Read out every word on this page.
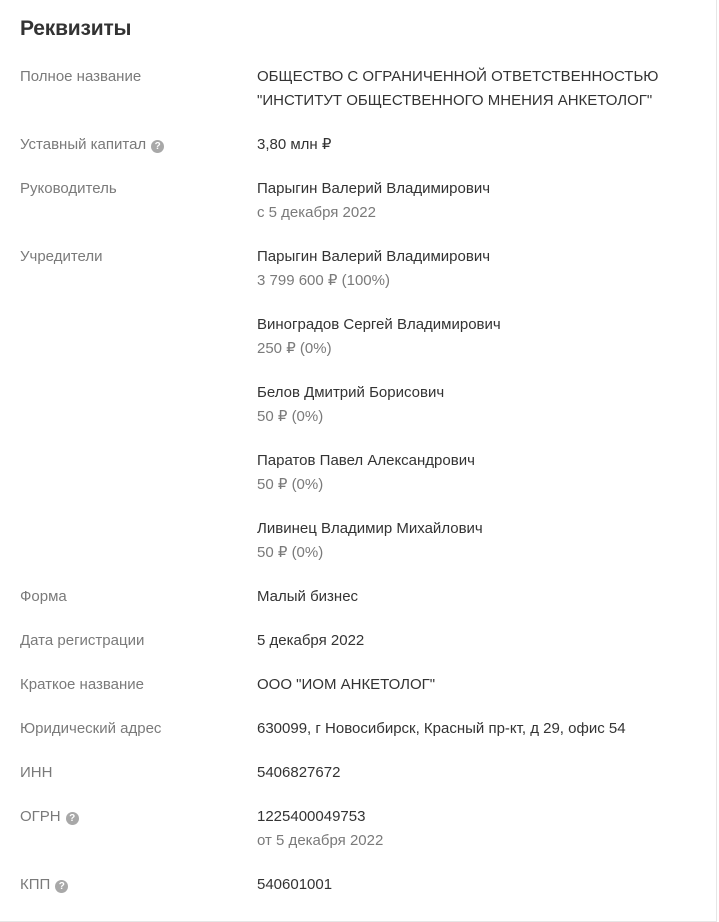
Реквизиты
Полное название	ОБЩЕСТВО С ОГРАНИЧЕННОЙ ОТВЕТСТВЕННОСТЬЮ
"ИНСТИТУТ ОБЩЕСТВЕННОГО МНЕНИЯ АНКЕТОЛОГ"
Уставный капитал ?	3,80 млн ₽
Руководитель	Парыгин Валерий Владимирович
с 5 декабря 2022
Учредители	Парыгин Валерий Владимирович
3 799 600 ₽ (100%)
Виноградов Сергей Владимирович
250 ₽ (0%)
Белов Дмитрий Борисович
50 ₽ (0%)
Паратов Павел Александрович
50 ₽ (0%)
Ливинец Владимир Михайлович
50 ₽ (0%)
Форма	Малый бизнес
Дата регистрации	5 декабря 2022
Краткое название	ООО "ИОМ АНКЕТОЛОГ"
Юридический адрес	630099, г Новосибирск, Красный пр-кт, д 29, офис 54
ИНН	5406827672
ОГРН ?	1225400049753
от 5 декабря 2022
КПП ?	540601001
